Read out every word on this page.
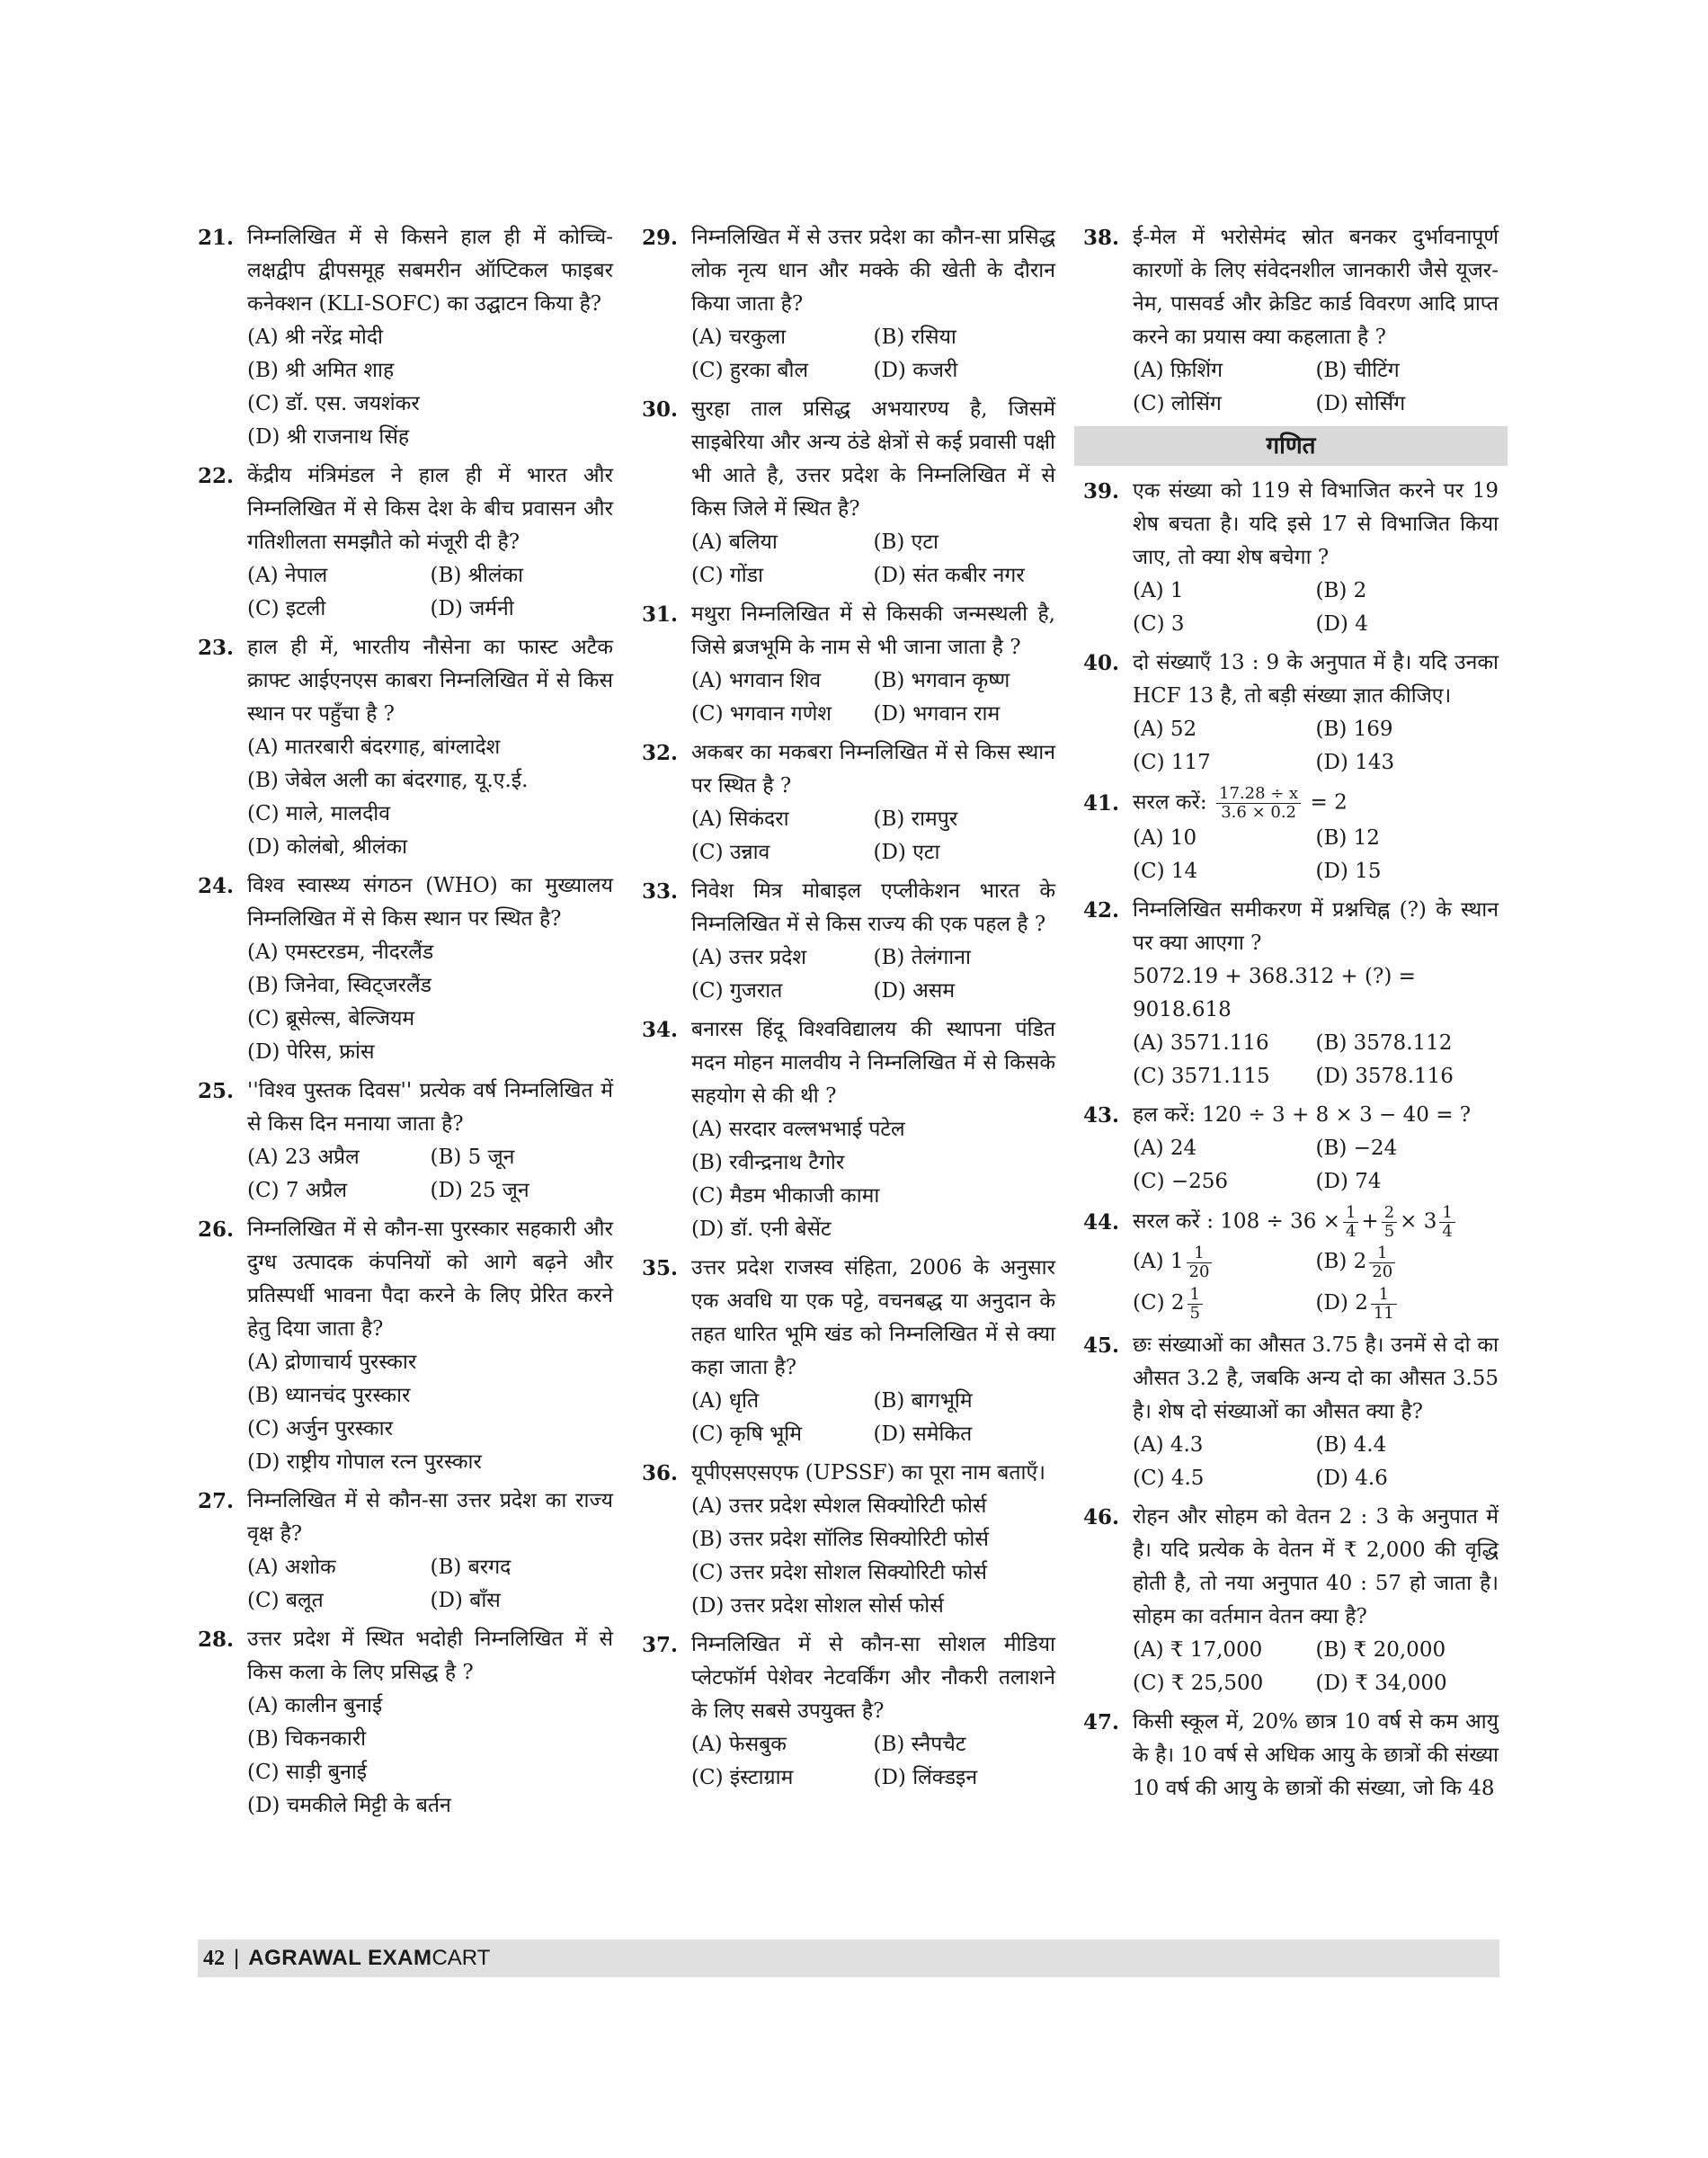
21. निम्नलिखित में से किसने हाल ही में कोच्चि-लक्षद्वीप द्वीपसमूह सबमरीन ऑप्टिकल फाइबर कनेक्शन (KLI-SOFC) का उद्घाटन किया है?
(A) श्री नरेंद्र मोदी
(B) श्री अमित शाह
(C) डॉ. एस. जयशंकर
(D) श्री राजनाथ सिंह
22. केंद्रीय मंत्रिमंडल ने हाल ही में भारत और निम्नलिखित में से किस देश के बीच प्रवासन और गतिशीलता समझौते को मंजूरी दी है?
(A) नेपाल	(B) श्रीलंका
(C) इटली	(D) जर्मनी
23. हाल ही में, भारतीय नौसेना का फास्ट अटैक क्राफ्ट आईएनएस काबरा निम्नलिखित में से किस स्थान पर पहुँचा है ?
(A) मातरबारी बंदरगाह, बांग्लादेश
(B) जेबेल अली का बंदरगाह, यू.ए.ई.
(C) माले, मालदीव
(D) कोलंबो, श्रीलंका
24. विश्व स्वास्थ्य संगठन (WHO) का मुख्यालय निम्नलिखित में से किस स्थान पर स्थित है?
(A) एमस्टरडम, नीदरलैंड
(B) जिनेवा, स्विट्जरलैंड
(C) ब्रूसेल्स, बेल्जियम
(D) पेरिस, फ्रांस
25. ''विश्व पुस्तक दिवस'' प्रत्येक वर्ष निम्नलिखित में से किस दिन मनाया जाता है?
(A) 23 अप्रैल	(B) 5 जून
(C) 7 अप्रैल	(D) 25 जून
26. निम्नलिखित में से कौन-सा पुरस्कार सहकारी और दुग्ध उत्पादक कंपनियों को आगे बढ़ने और प्रतिस्पर्धी भावना पैदा करने के लिए प्रेरित करने हेतु दिया जाता है?
(A) द्रोणाचार्य पुरस्कार
(B) ध्यानचंद पुरस्कार
(C) अर्जुन पुरस्कार
(D) राष्ट्रीय गोपाल रत्न पुरस्कार
27. निम्नलिखित में से कौन-सा उत्तर प्रदेश का राज्य वृक्ष है?
(A) अशोक	(B) बरगद
(C) बलूत	(D) बाँस
28. उत्तर प्रदेश में स्थित भदोही निम्नलिखित में से किस कला के लिए प्रसिद्ध है ?
(A) कालीन बुनाई
(B) चिकनकारी
(C) साड़ी बुनाई
(D) चमकीले मिट्टी के बर्तन
29. निम्नलिखित में से उत्तर प्रदेश का कौन-सा प्रसिद्ध लोक नृत्य धान और मक्के की खेती के दौरान किया जाता है?
(A) चरकुला	(B) रसिया
(C) हुरका बौल	(D) कजरी
30. सुरहा ताल प्रसिद्ध अभयारण्य है, जिसमें साइबेरिया और अन्य ठंडे क्षेत्रों से कई प्रवासी पक्षी भी आते है, उत्तर प्रदेश के निम्नलिखित में से किस जिले में स्थित है?
(A) बलिया	(B) एटा
(C) गोंडा	(D) संत कबीर नगर
31. मथुरा निम्नलिखित में से किसकी जन्मस्थली है, जिसे ब्रजभूमि के नाम से भी जाना जाता है ?
(A) भगवान शिव	(B) भगवान कृष्ण
(C) भगवान गणेश	(D) भगवान राम
32. अकबर का मकबरा निम्नलिखित में से किस स्थान पर स्थित है ?
(A) सिकंदरा	(B) रामपुर
(C) उन्नाव	(D) एटा
33. निवेश मित्र मोबाइल एप्लीकेशन भारत के निम्नलिखित में से किस राज्य की एक पहल है ?
(A) उत्तर प्रदेश	(B) तेलंगाना
(C) गुजरात	(D) असम
34. बनारस हिंदू विश्वविद्यालय की स्थापना पंडित मदन मोहन मालवीय ने निम्नलिखित में से किसके सहयोग से की थी ?
(A) सरदार वल्लभभाई पटेल
(B) रवीन्द्रनाथ टैगोर
(C) मैडम भीकाजी कामा
(D) डॉ. एनी बेसेंट
35. उत्तर प्रदेश राजस्व संहिता, 2006 के अनुसार एक अवधि या एक पट्टे, वचनबद्ध या अनुदान के तहत धारित भूमि खंड को निम्नलिखित में से क्या कहा जाता है?
(A) धृति	(B) बागभूमि
(C) कृषि भूमि	(D) समेकित
36. यूपीएसएसएफ (UPSSF) का पूरा नाम बताएँ।
(A) उत्तर प्रदेश स्पेशल सिक्योरिटी फोर्स
(B) उत्तर प्रदेश सॉलिड सिक्योरिटी फोर्स
(C) उत्तर प्रदेश सोशल सिक्योरिटी फोर्स
(D) उत्तर प्रदेश सोशल सोर्स फोर्स
37. निम्नलिखित में से कौन-सा सोशल मीडिया प्लेटफॉर्म पेशेवर नेटवर्किंग और नौकरी तलाशने के लिए सबसे उपयुक्त है?
(A) फेसबुक	(B) स्नैपचैट
(C) इंस्टाग्राम	(D) लिंक्डइन
38. ई-मेल में भरोसेमंद स्रोत बनकर दुर्भावनापूर्ण कारणों के लिए संवेदनशील जानकारी जैसे यूजर-नेम, पासवर्ड और क्रेडिट कार्ड विवरण आदि प्राप्त करने का प्रयास क्या कहलाता है ?
(A) फ़िशिंग	(B) चीटिंग
(C) लोसिंग	(D) सोर्सिंग
गणित
39. एक संख्या को 119 से विभाजित करने पर 19 शेष बचता है। यदि इसे 17 से विभाजित किया जाए, तो क्या शेष बचेगा ?
(A) 1	(B) 2
(C) 3	(D) 4
40. दो संख्याएँ 13 : 9 के अनुपात में है। यदि उनका HCF 13 है, तो बड़ी संख्या ज्ञात कीजिए।
(A) 52	(B) 169
(C) 117	(D) 143
41. सरल करें: $\frac{17.28 \div x}{3.6 \times 0.2} = 2$
(A) 10	(B) 12
(C) 14	(D) 15
42. निम्नलिखित समीकरण में प्रश्नचिह्न (?) के स्थान पर क्या आएगा ?
5072.19 + 368.312 + (?) = 9018.618
(A) 3571.116	(B) 3578.112
(C) 3571.115	(D) 3578.116
43. हल करें: 120 ÷ 3 + 8 × 3 − 40 = ?
(A) 24	(B) −24
(C) −256	(D) 74
44. सरल करें : $108 \div 36 \times \frac{1}{4} + \frac{2}{5} \times 3 \frac{1}{4}$
(A) $1 \frac{1}{20}$	(B) $2 \frac{1}{20}$
(C) $2 \frac{1}{5}$	(D) $2 \frac{1}{11}$
45. छः संख्याओं का औसत 3.75 है। उनमें से दो का औसत 3.2 है, जबकि अन्य दो का औसत 3.55 है। शेष दो संख्याओं का औसत क्या है?
(A) 4.3	(B) 4.4
(C) 4.5	(D) 4.6
46. रोहन और सोहम को वेतन 2 : 3 के अनुपात में है। यदि प्रत्येक के वेतन में ₹ 2,000 की वृद्धि होती है, तो नया अनुपात 40 : 57 हो जाता है। सोहम का वर्तमान वेतन क्या है?
(A) ₹ 17,000	(B) ₹ 20,000
(C) ₹ 25,500	(D) ₹ 34,000
47. किसी स्कूल में, 20% छात्र 10 वर्ष से कम आयु के है। 10 वर्ष से अधिक आयु के छात्रों की संख्या 10 वर्ष की आयु के छात्रों की संख्या, जो कि 48
42 | AGRAWAL EXAMCART
